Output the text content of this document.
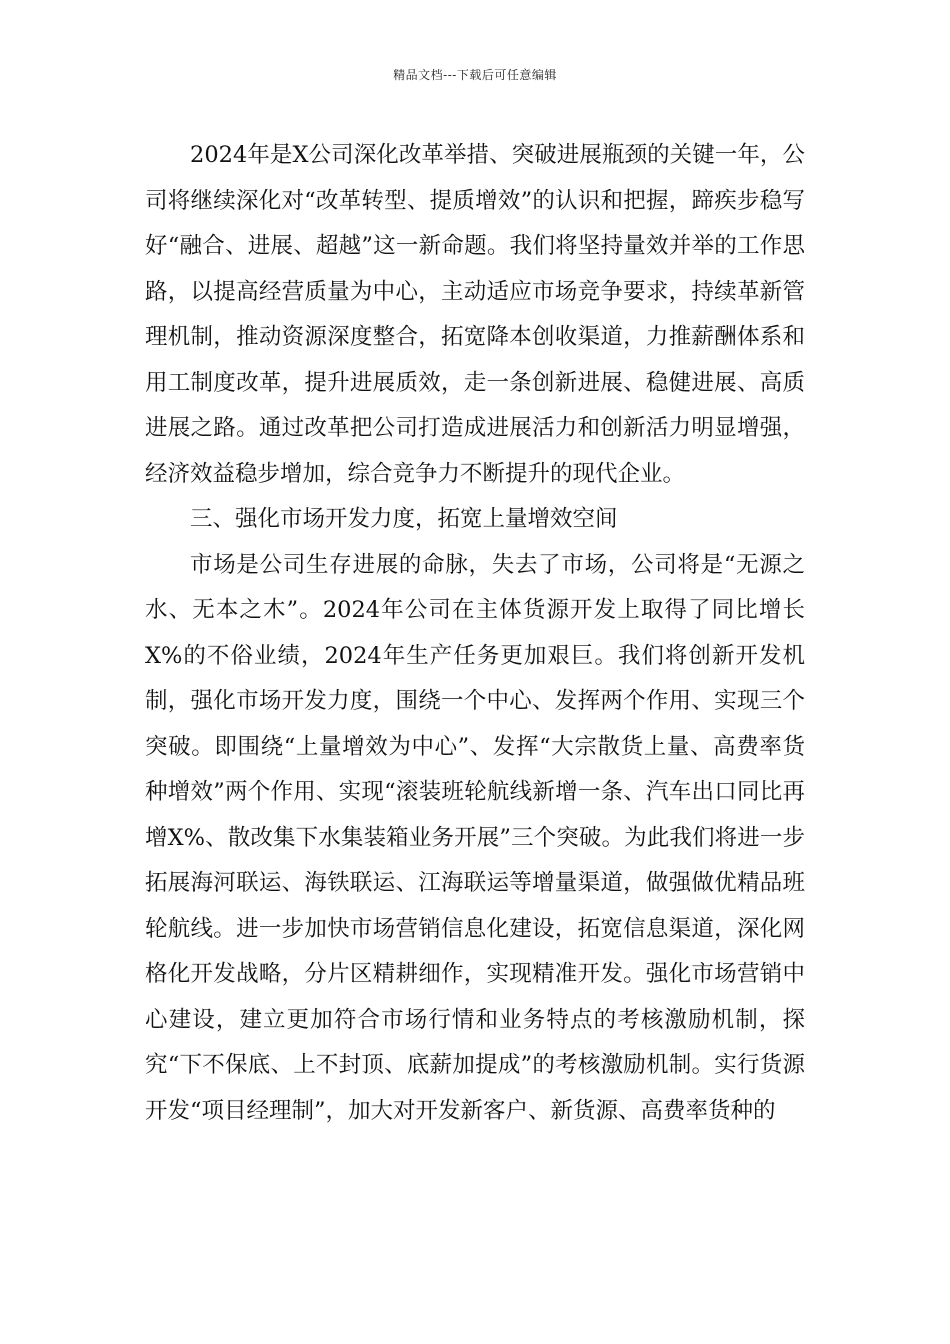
精品文档---下载后可任意编辑

2024年是X公司深化改革举措、突破进展瓶颈的关键一年，公司将继续深化对“改革转型、提质增效”的认识和把握，蹄疾步稳写好“融合、进展、超越”这一新命题。我们将坚持量效并举的工作思路，以提高经营质量为中心，主动适应市场竞争要求，持续革新管理机制，推动资源深度整合，拓宽降本创收渠道，力推薪酬体系和用工制度改革，提升进展质效，走一条创新进展、稳健进展、高质进展之路。通过改革把公司打造成进展活力和创新活力明显增强，经济效益稳步增加，综合竞争力不断提升的现代企业。

三、强化市场开发力度，拓宽上量增效空间

市场是公司生存进展的命脉，失去了市场，公司将是“无源之水、无本之木”。2024年公司在主体货源开发上取得了同比增长X%的不俗业绩，2024年生产任务更加艰巨。我们将创新开发机制，强化市场开发力度，围绕一个中心、发挥两个作用、实现三个突破。即围绕“上量增效为中心”、发挥“大宗散货上量、高费率货种增效”两个作用、实现“滚装班轮航线新增一条、汽车出口同比再增X%、散改集下水集装箱业务开展”三个突破。为此我们将进一步拓展海河联运、海铁联运、江海联运等增量渠道，做强做优精品班轮航线。进一步加快市场营销信息化建设，拓宽信息渠道，深化网格化开发战略，分片区精耕细作，实现精准开发。强化市场营销中心建设，建立更加符合市场行情和业务特点的考核激励机制，探究“下不保底、上不封顶、底薪加提成”的考核激励机制。实行货源开发“项目经理制”，加大对开发新客户、新货源、高费率货种的
